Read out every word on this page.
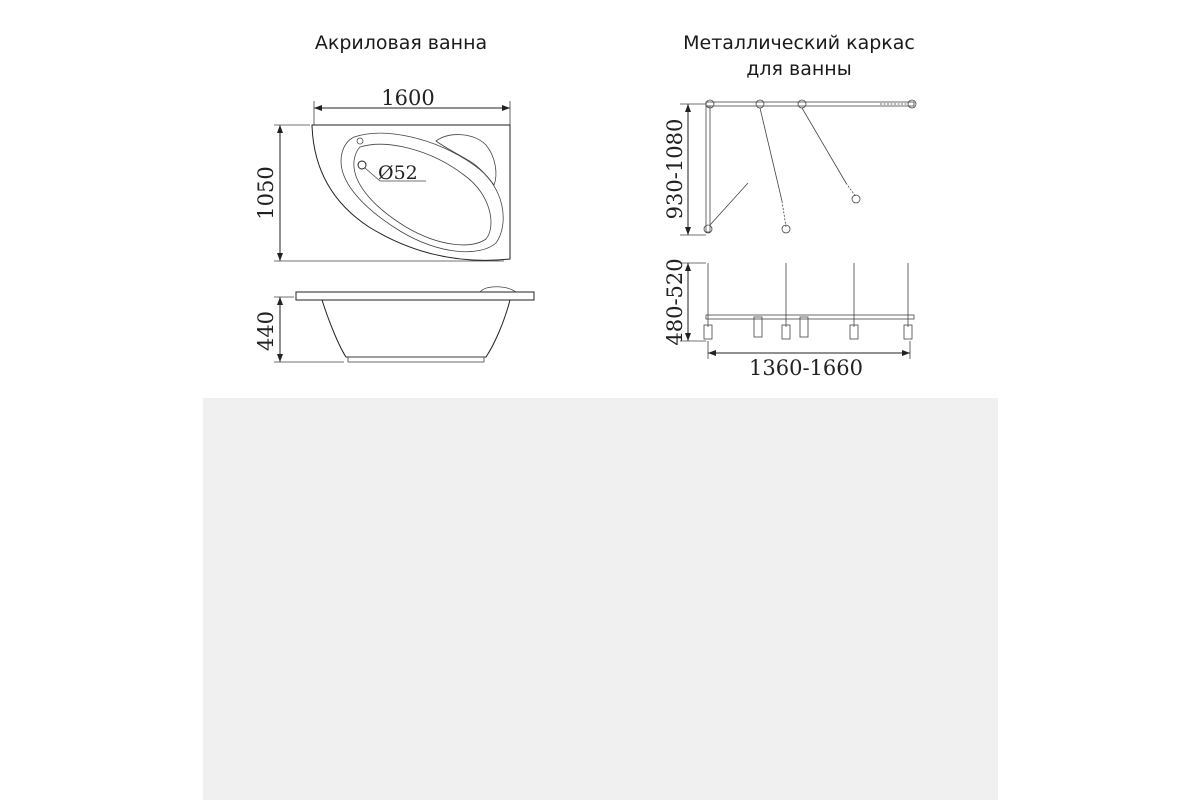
Акриловая ванна
1600
1050	Ø52
440
Металлический каркас
для ванны
930-1080
480-520
1360-1660
